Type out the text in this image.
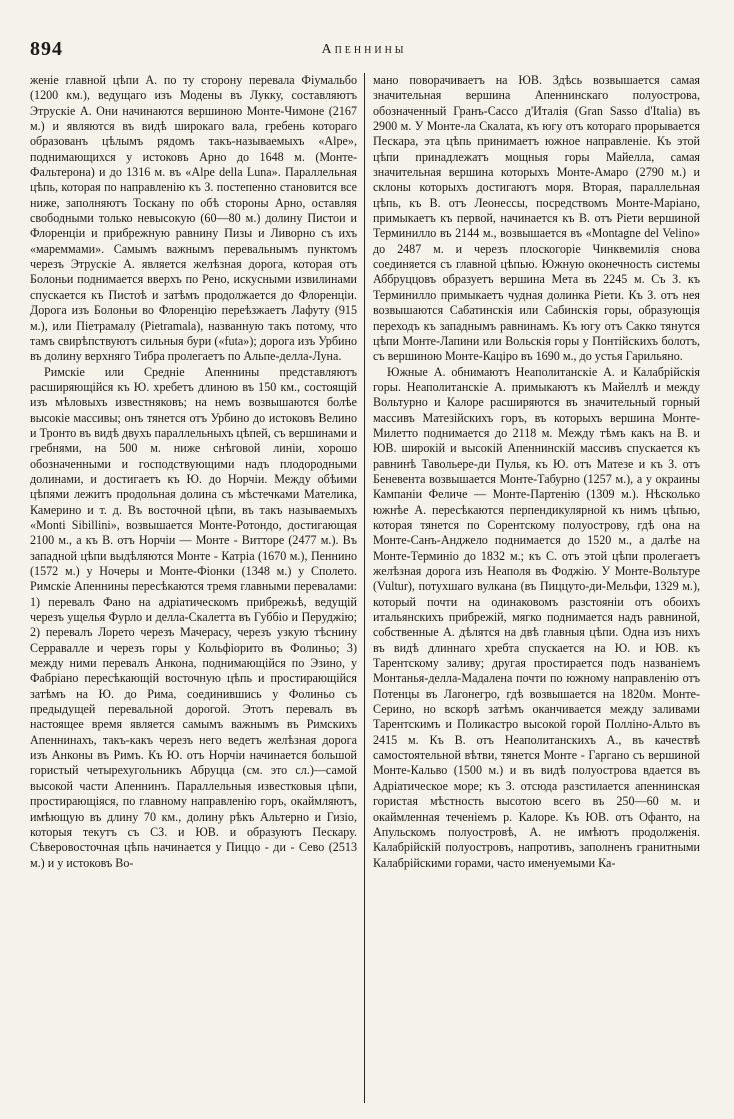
894	Апеннины

женіе главной цѣпи А. по ту сторону перевала Фіумальбо (1200 км.), ведущаго изъ Модены въ Лукку, составляютъ Этрускіе А. Они начинаются вершиною Монте-Чимоне (2167 м.) и являются въ видѣ широкаго вала, гребень котораго образованъ цѣлымъ рядомъ такъ-называемыхъ «Alpe», поднимающихся у истоковъ Арно до 1648 м. (Монте-Фальтерона) и до 1316 м. въ «Alpe della Luna». Параллельная цѣпь, которая по направленію къ З. постепенно становится все ниже, заполняютъ Тоскану по обѣ стороны Арно, оставляя свободными только невысокую (60—80 м.) долину Пистои и Флоренціи и прибрежную равнину Пизы и Ливорно съ ихъ «мареммами». Самымъ важнымъ перевальнымъ пунктомъ черезъ Этрускіе А. является желѣзная дорога, которая отъ Болоньи поднимается вверхъ по Рено, искусными извилинами спускается къ Пистоѣ и затѣмъ продолжается до Флоренціи. Дорога изъ Болоньи во Флоренцію переѣзжаетъ Лафуту (915 м.), или Піетрамалу (Pietramala), названную такъ потому, что тамъ свирѣпствуютъ сильныя бури («futa»); дорога изъ Урбино въ долину верхняго Тибра пролегаетъ по Альпе-делла-Луна.

Римскіе или Средніе Апеннины представляютъ расширяющійся къ Ю. хребетъ длиною въ 150 км., состоящій изъ мѣловыхъ известняковъ; на немъ возвышаются болѣе высокіе массивы; онъ тянется отъ Урбино до истоковъ Велино и Тронто въ видѣ двухъ параллельныхъ цѣпей, съ вершинами и гребнями, на 500 м. ниже снѣговой линіи, хорошо обозначенными и господствующими надъ плодородными долинами, и достигаетъ къ Ю. до Норчіи. Между обѣими цѣпями лежитъ продольная долина съ мѣстечками Мателика, Камерино и т. д. Въ восточной цѣпи, въ такъ называемыхъ «Monti Sibillini», возвышается Монте-Ротондо, достигающая 2100 м., а къ В. отъ Норчіи — Монте - Витторе (2477 м.). Въ западной цѣпи выдѣляются Монте - Катріа (1670 м.), Пеннино (1572 м.) у Ночеры и Монте-Фіонки (1348 м.) у Сполето. Римскіе Апеннины пересѣкаются тремя главными перевалами: 1) перевалъ Фано на адріатическомъ прибрежьѣ, ведущій черезъ ущелья Фурло и делла-Скалетта въ Губбіо и Перуджію; 2) перевалъ Лорето черезъ Мачерасу, черезъ узкую тѣснину Серравалле и черезъ горы у Кольфіорито въ Фолиньо; 3) между ними перевалъ Анкона, поднимающійся по Эзино, у Фабріано пересѣкающій восточную цѣпь и простирающійся затѣмъ на Ю. до Рима, соединившись у Фолиньо съ предыдущей перевальной дорогой. Этотъ перевалъ въ настоящее время является самымъ важнымъ въ Римскихъ Апеннинахъ, такъ-какъ черезъ него ведетъ желѣзная дорога изъ Анконы въ Римъ. Къ Ю. отъ Норчіи начинается большой гористый четырехугольникъ Абруцца (см. это сл.)—самой высокой части Апеннинъ. Параллельныя известковыя цѣпи, простирающіяся, по главному направленію горъ, окаймляютъ, имѣющую въ длину 70 км., долину рѣкъ Альтерно и Гизіо, которыя текутъ съ СЗ. и ЮВ. и образуютъ Пескару. Сѣверовосточная цѣпь начинается у Пиццо - ди - Сево (2513 м.) и у истоковъ Во-

мано поворачиваетъ на ЮВ. Здѣсь возвышается самая значительная вершина Апеннинскаго полуострова, обозначенный Гранъ-Сассо д'Италія (Gran Sasso d'Italia) въ 2900 м. У Монте-ла Скалата, къ югу отъ котораго прорывается Пескара, эта цѣпь принимаетъ южное направленіе. Къ этой цѣпи принадлежатъ мощныя горы Майелла, самая значительная вершина которыхъ Монте-Амаро (2790 м.) и склоны которыхъ достигаютъ моря. Вторая, параллельная цѣпь, къ В. отъ Леонессы, посредствомъ Монте-Маріано, примыкаетъ къ первой, начинается къ В. отъ Ріети вершиной Терминилло въ 2144 м., возвышается въ «Montagne del Velino» до 2487 м. и черезъ плоскогоріе Чинквемилія снова соединяется съ главной цѣпью. Южную оконечность системы Аббруццовъ образуетъ вершина Мета въ 2245 м. Съ З. къ Терминилло примыкаетъ чудная долинка Ріети. Къ З. отъ нея возвышаются Сабатинскія или Сабинскія горы, образующія переходъ къ западнымъ равнинамъ. Къ югу отъ Сакко тянутся цѣпи Монте-Лапини или Вольскія горы у Понтійскихъ болотъ, съ вершиною Монте-Каціро въ 1690 м., до устья Гарильяно.

Южные А. обнимаютъ Неаполитанскіе А. и Калабрійскія горы. Неаполитанскіе А. примыкаютъ къ Майеллѣ и между Вольтурно и Калоре расширяются въ значительный горный массивъ Матезійскихъ горъ, въ которыхъ вершина Монте-Милетто поднимается до 2118 м. Между тѣмъ какъ на В. и ЮВ. широкій и высокій Апеннинскій массивъ спускается къ равнинѣ Тавольере-ди Пулья, къ Ю. отъ Матезе и къ З. отъ Беневента возвышается Монте-Табурно (1257 м.), а у окраины Кампаніи Феличе — Монте-Партенію (1309 м.). Нѣсколько южнѣе А. пересѣкаются перпендикулярной къ нимъ цѣпью, которая тянется по Сорентскому полуострову, гдѣ она на Монте-Санъ-Анджело поднимается до 1520 м., а далѣе на Монте-Терминіо до 1832 м.; къ С. отъ этой цѣпи пролегаетъ желѣзная дорога изъ Неаполя въ Фоджію. У Монте-Вольтуре (Vultur), потухшаго вулкана (въ Пиццуто-ди-Мельфи, 1329 м.), который почти на одинаковомъ разстояніи отъ обоихъ итальянскихъ прибрежій, мягко поднимается надъ равниной, собственные А. дѣлятся на двѣ главныя цѣпи. Одна изъ нихъ въ видѣ длиннаго хребта спускается на Ю. и ЮВ. къ Тарентскому заливу; другая простирается подъ названіемъ Монтанья-делла-Мадалена почти по южному направленію отъ Потенцы въ Лагонегро, гдѣ возвышается на 1820м. Монте-Серино, но вскорѣ затѣмъ оканчивается между заливами Тарентскимъ и Поликастро высокой горой Полліно-Альто въ 2415 м. Къ В. отъ Неаполитанскихъ А., въ качествѣ самостоятельной вѣтви, тянется Монте - Гаргано съ вершиной Монте-Кальво (1500 м.) и въ видѣ полуострова вдается въ Адріатическое море; къ З. отсюда разстилается апеннинская гористая мѣстность высотою всего въ 250—60 м. и окаймленная теченіемъ р. Калоре. Къ ЮВ. отъ Офанто, на Апульскомъ полуостровѣ, А. не имѣютъ продолженія. Калабрійскій полуостровъ, напротивъ, заполненъ гранитными Калабрійскими горами, часто именуемыми Ка-
